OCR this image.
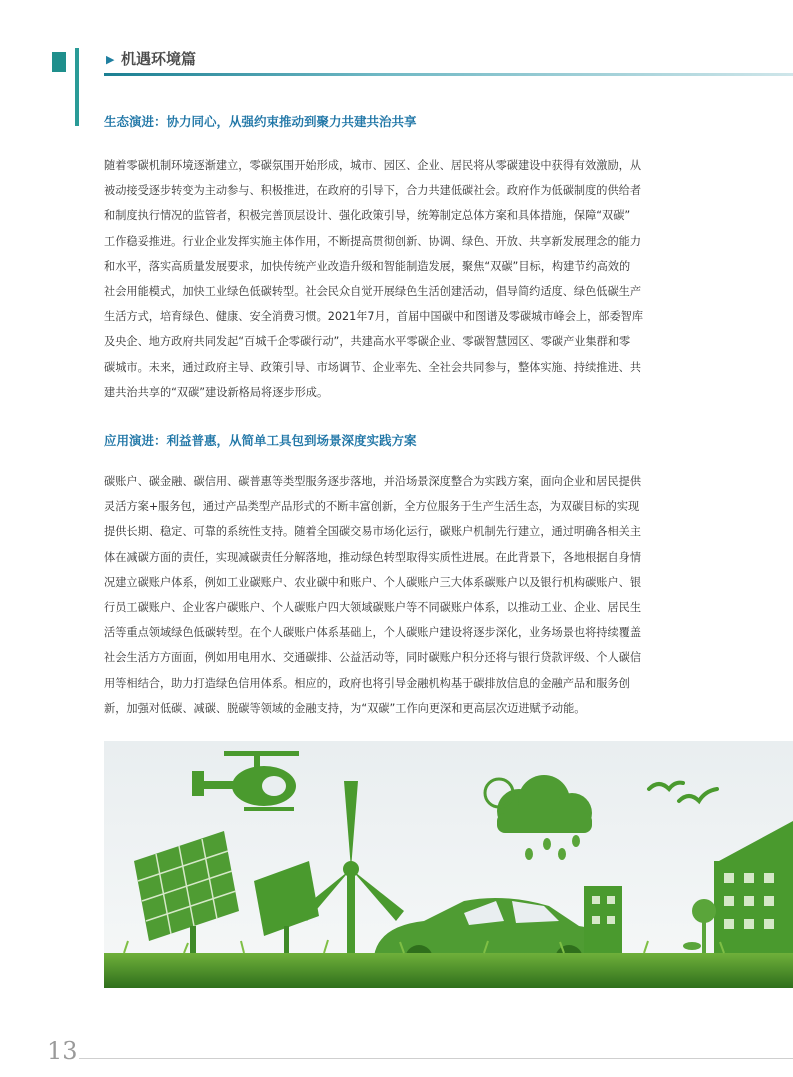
▶ 机遇环境篇
生态演进：协力同心，从强约束推动到聚力共建共治共享

随着零碳机制环境逐渐建立，零碳氛围开始形成，城市、园区、企业、居民将从零碳建设中获得有效激励，从

被动接受逐步转变为主动参与、积极推进，在政府的引导下，合力共建低碳社会。政府作为低碳制度的供给者

和制度执行情况的监管者，积极完善顶层设计、强化政策引导，统筹制定总体方案和具体措施，保障“双碳”

工作稳妥推进。行业企业发挥实施主体作用，不断提高贯彻创新、协调、绿色、开放、共享新发展理念的能力

和水平，落实高质量发展要求，加快传统产业改造升级和智能制造发展，聚焦“双碳”目标，构建节约高效的

社会用能模式，加快工业绿色低碳转型。社会民众自觉开展绿色生活创建活动，倡导简约适度、绿色低碳生产

生活方式，培育绿色、健康、安全消费习惯。2021年7月，首届中国碳中和图谱及零碳城市峰会上，部委智库

及央企、地方政府共同发起“百城千企零碳行动”，共建高水平零碳企业、零碳智慧园区、零碳产业集群和零

碳城市。未来，通过政府主导、政策引导、市场调节、企业率先、全社会共同参与，整体实施、持续推进、共

建共治共享的“双碳”建设新格局将逐步形成。

应用演进：利益普惠，从简单工具包到场景深度实践方案

碳账户、碳金融、碳信用、碳普惠等类型服务逐步落地，并沿场景深度整合为实践方案，面向企业和居民提供

灵活方案+服务包，通过产品类型产品形式的不断丰富创新，全方位服务于生产生活生态，为双碳目标的实现

提供长期、稳定、可靠的系统性支持。随着全国碳交易市场化运行，碳账户机制先行建立，通过明确各相关主

体在减碳方面的责任，实现减碳责任分解落地，推动绿色转型取得实质性进展。在此背景下，各地根据自身情

况建立碳账户体系，例如工业碳账户、农业碳中和账户、个人碳账户三大体系碳账户以及银行机构碳账户、银

行员工碳账户、企业客户碳账户、个人碳账户四大领域碳账户等不同碳账户体系，以推动工业、企业、居民生

活等重点领域绿色低碳转型。在个人碳账户体系基础上，个人碳账户建设将逐步深化，业务场景也将持续覆盖

社会生活方方面面，例如用电用水、交通碳排、公益活动等，同时碳账户积分还将与银行贷款评级、个人碳信

用等相结合，助力打造绿色信用体系。相应的，政府也将引导金融机构基于碳排放信息的金融产品和服务创

新，加强对低碳、减碳、脱碳等领域的金融支持，为“双碳”工作向更深和更高层次迈进赋予动能。

13
